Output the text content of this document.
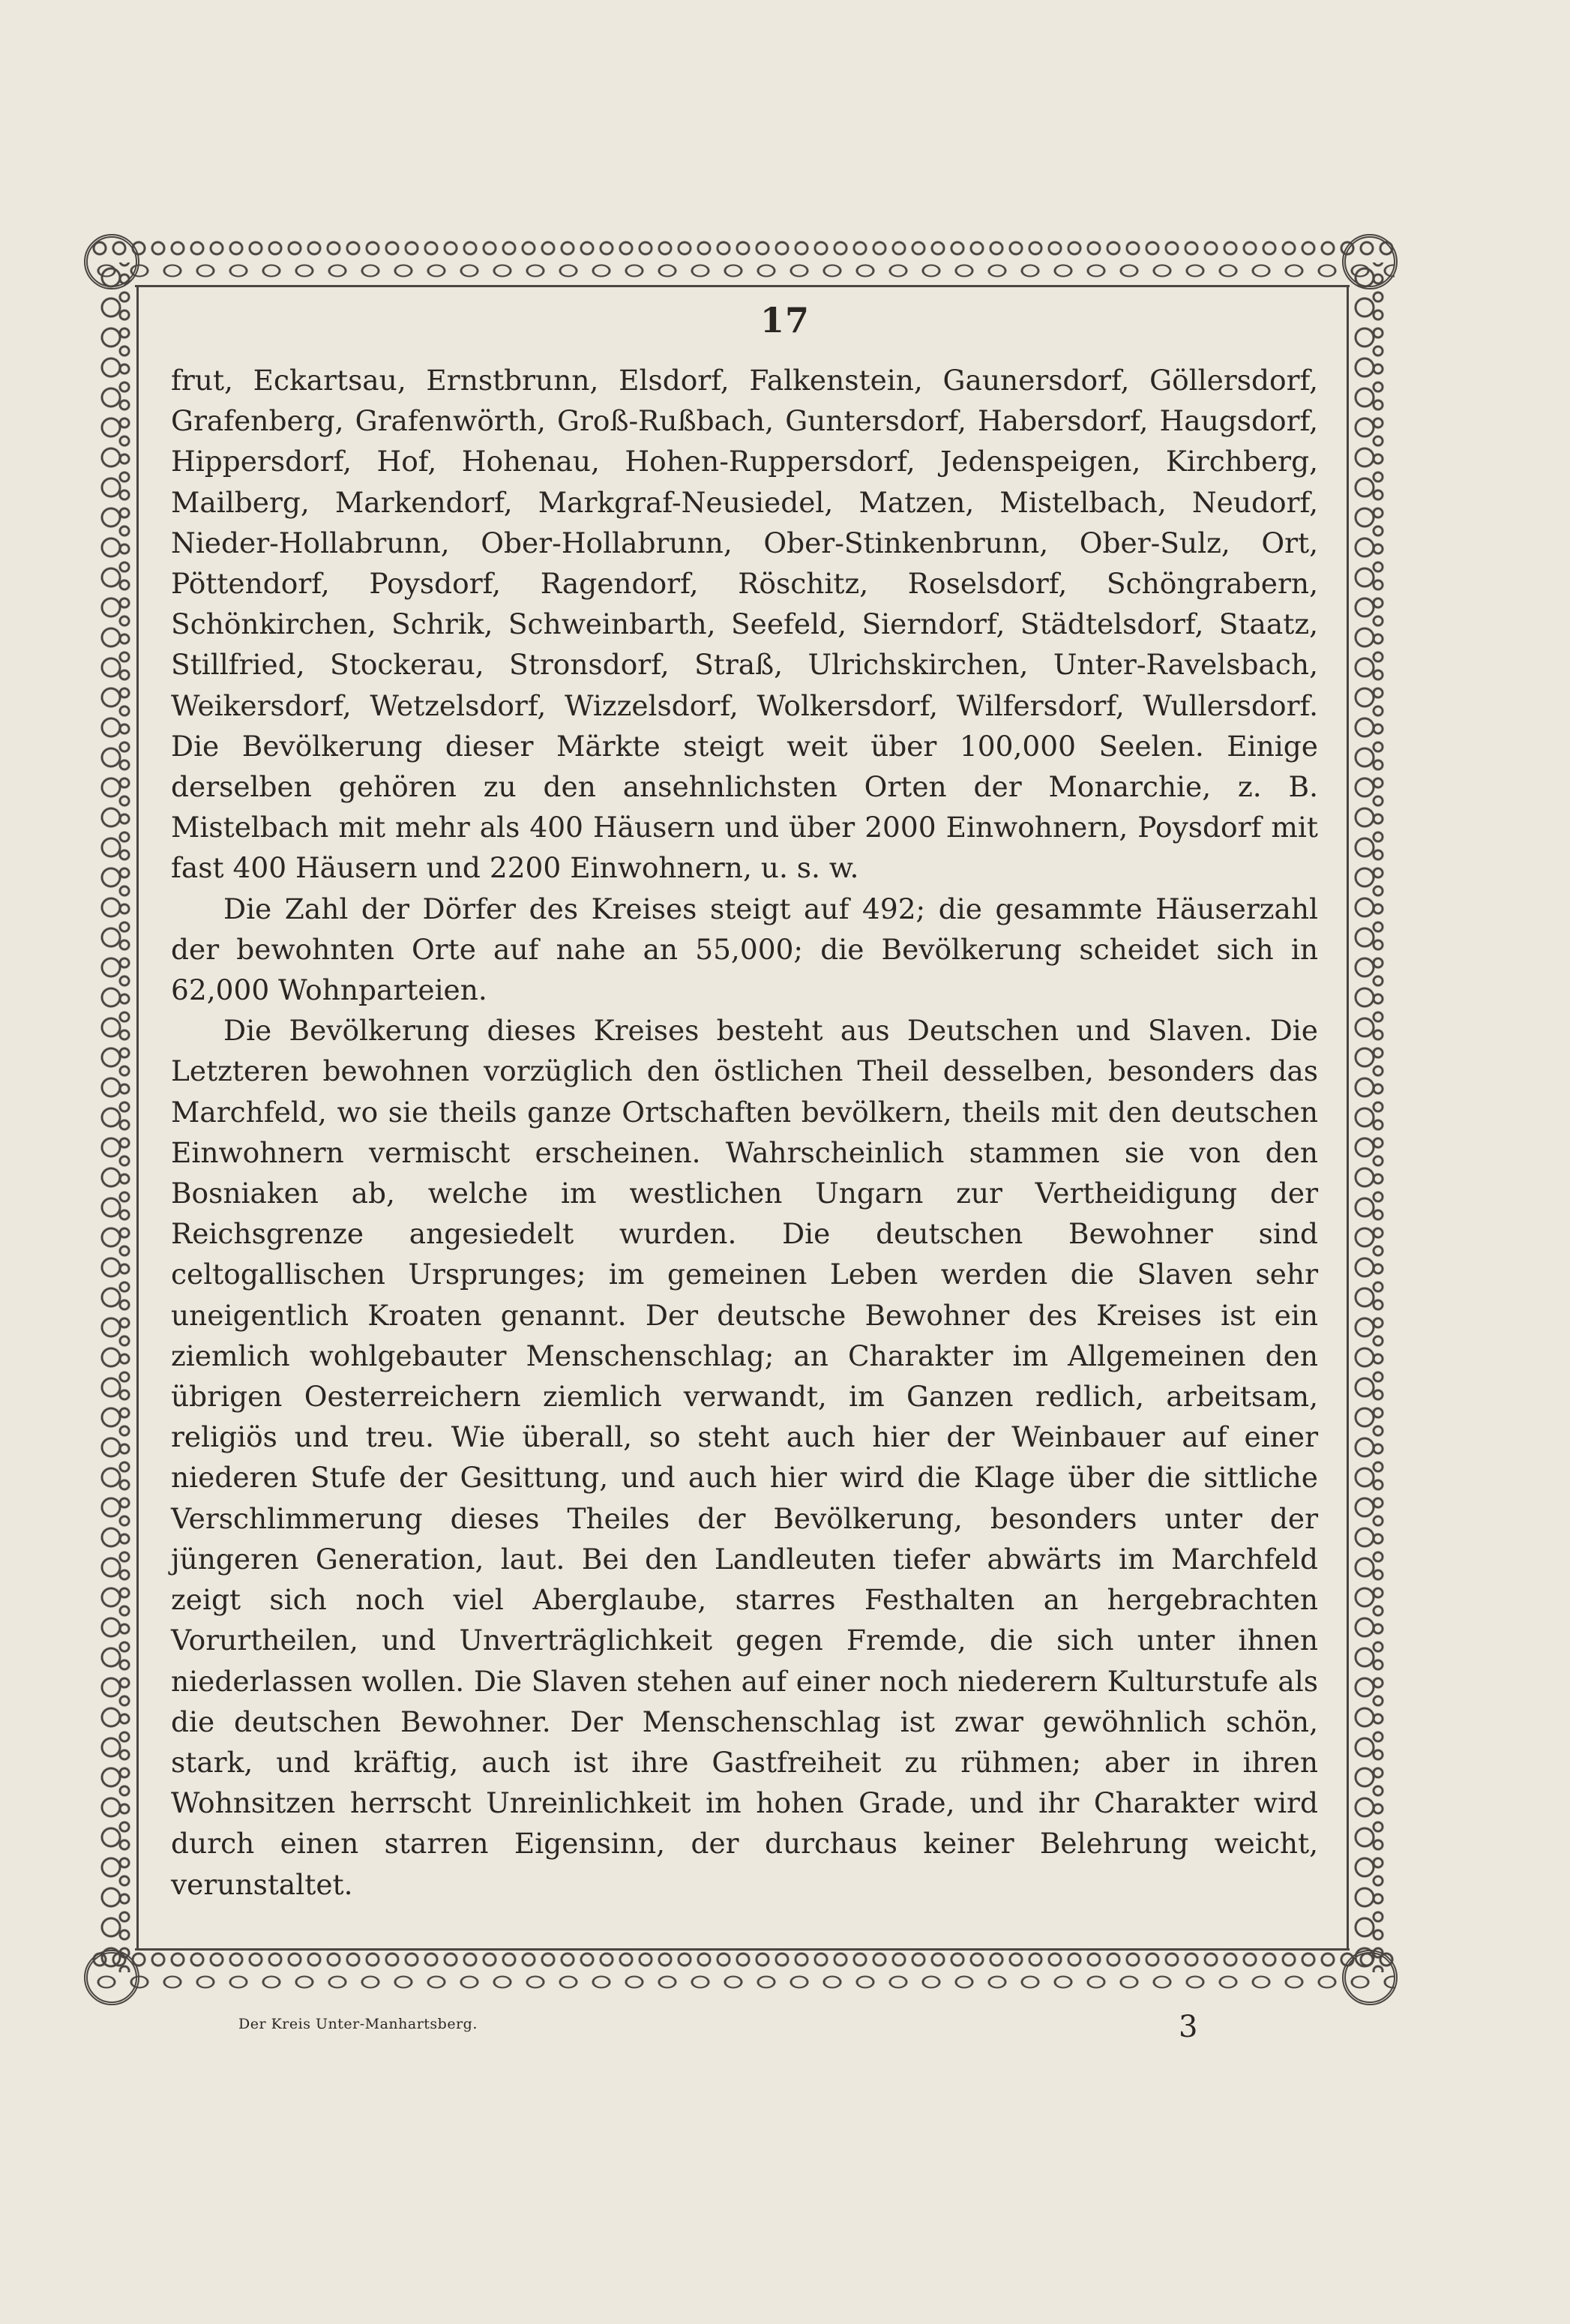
17

frut, Eckartsau, Ernstbrunn, Elsdorf, Falkenstein, Gaunersdorf, Göllersdorf, Grafenberg, Grafenwörth, Groß-Rußbach, Guntersdorf, Habersdorf, Haugsdorf, Hippersdorf, Hof, Hohenau, Hohen-Ruppersdorf, Jedenspeigen, Kirchberg, Mailberg, Markendorf, Markgraf-Neusiedel, Matzen, Mistelbach, Neudorf, Nieder-Hollabrunn, Ober-Hollabrunn, Ober-Stinkenbrunn, Ober-Sulz, Ort, Pöttendorf, Poysdorf, Ragendorf, Röschitz, Roselsdorf, Schöngrabern, Schönkirchen, Schrik, Schweinbarth, Seefeld, Sierndorf, Städtelsdorf, Staatz, Stillfried, Stockerau, Stronsdorf, Straß, Ulrichskirchen, Unter-Ravelsbach, Weikersdorf, Wetzelsdorf, Wizzelsdorf, Wolkersdorf, Wilfersdorf, Wullersdorf. Die Bevölkerung dieser Märkte steigt weit über 100,000 Seelen. Einige derselben gehören zu den ansehnlichsten Orten der Monarchie, z. B. Mistelbach mit mehr als 400 Häusern und über 2000 Einwohnern, Poysdorf mit fast 400 Häusern und 2200 Einwohnern, u. s. w.

Die Zahl der Dörfer des Kreises steigt auf 492; die gesammte Häuserzahl der bewohnten Orte auf nahe an 55,000; die Bevölkerung scheidet sich in 62,000 Wohnparteien.

Die Bevölkerung dieses Kreises besteht aus Deutschen und Slaven. Die Letzteren bewohnen vorzüglich den östlichen Theil desselben, besonders das Marchfeld, wo sie theils ganze Ortschaften bevölkern, theils mit den deutschen Einwohnern vermischt erscheinen. Wahrscheinlich stammen sie von den Bosniaken ab, welche im westlichen Ungarn zur Vertheidigung der Reichsgrenze angesiedelt wurden. Die deutschen Bewohner sind celtogallischen Ursprunges; im gemeinen Leben werden die Slaven sehr uneigentlich Kroaten genannt. Der deutsche Bewohner des Kreises ist ein ziemlich wohlgebauter Menschenschlag; an Charakter im Allgemeinen den übrigen Oesterreichern ziemlich verwandt, im Ganzen redlich, arbeitsam, religiös und treu. Wie überall, so steht auch hier der Weinbauer auf einer niederen Stufe der Gesittung, und auch hier wird die Klage über die sittliche Verschlimmerung dieses Theiles der Bevölkerung, besonders unter der jüngeren Generation, laut. Bei den Landleuten tiefer abwärts im Marchfeld zeigt sich noch viel Aberglaube, starres Festhalten an hergebrachten Vorurtheilen, und Unverträglichkeit gegen Fremde, die sich unter ihnen niederlassen wollen. Die Slaven stehen auf einer noch niederern Kulturstufe als die deutschen Bewohner. Der Menschenschlag ist zwar gewöhnlich schön, stark, und kräftig, auch ist ihre Gastfreiheit zu rühmen; aber in ihren Wohnsitzen herrscht Unreinlichkeit im hohen Grade, und ihr Charakter wird durch einen starren Eigensinn, der durchaus keiner Belehrung weicht, verunstaltet.

Der Kreis Unter-Manhartsberg.	3
